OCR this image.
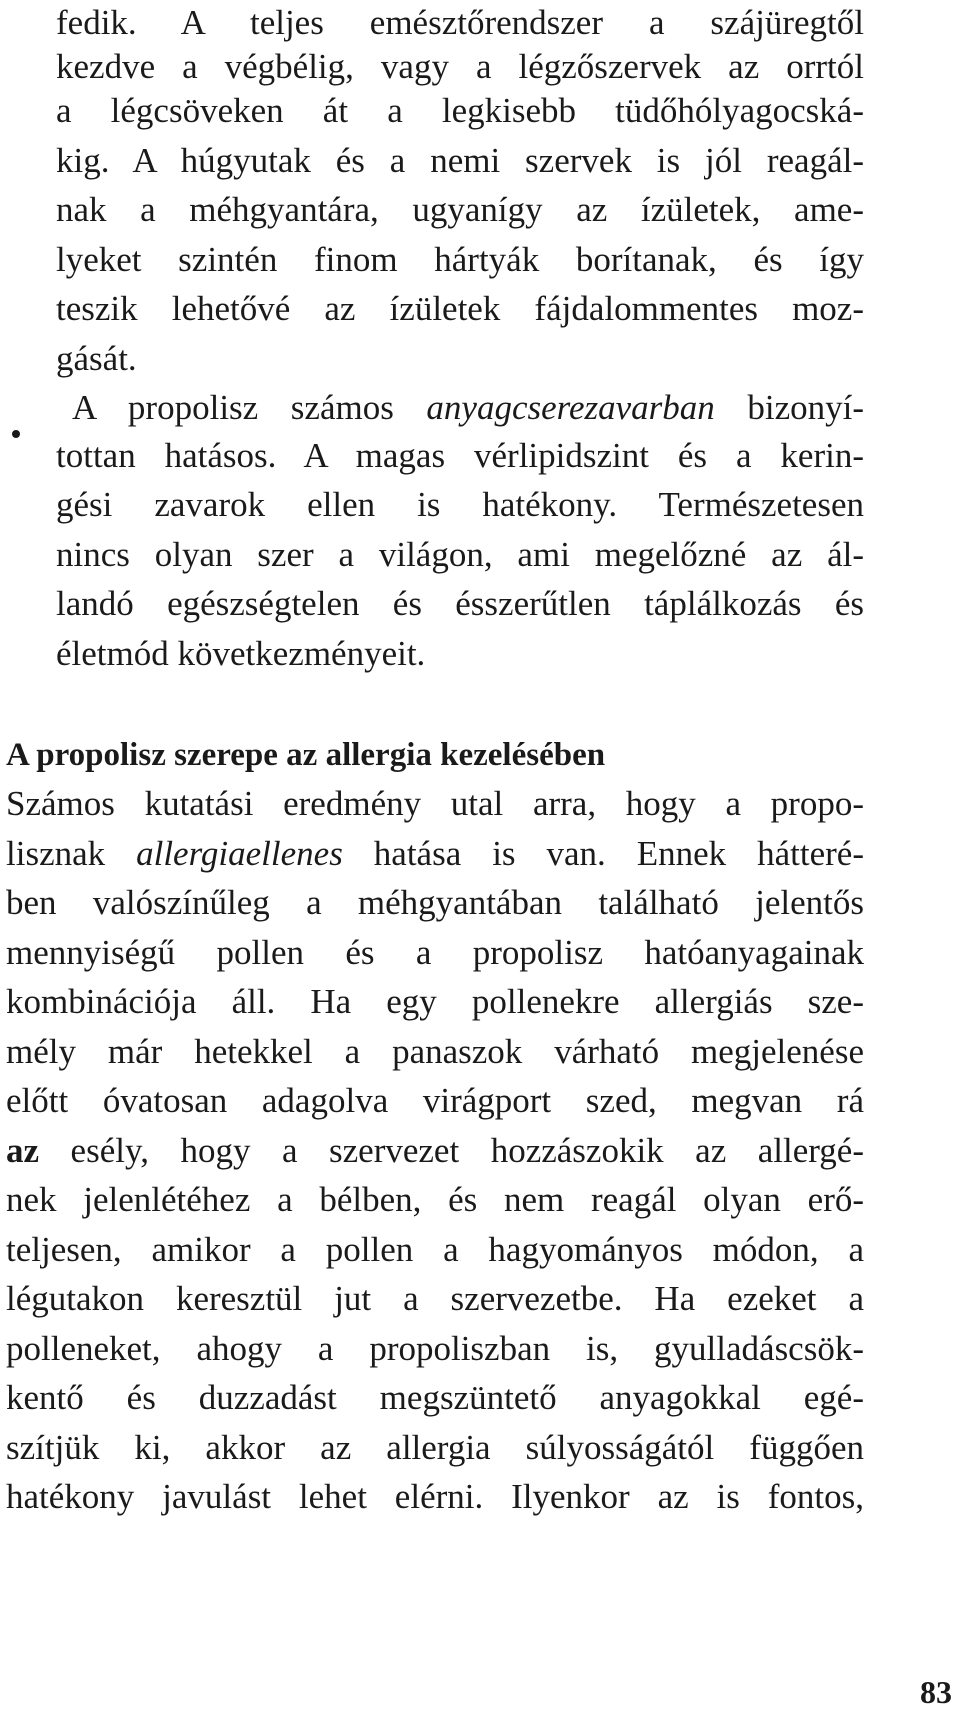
fedik. A teljes emésztőrendszer a szájüregtől
kezdve a végbélig, vagy a légzőszervek az orrtól
a légcsöveken át a legkisebb tüdőhólyagocská-
kig. A húgyutak és a nemi szervek is jól reagál-
nak a méhgyantára, ugyanígy az ízületek, ame-
lyeket szintén finom hártyák borítanak, és így
teszik lehetővé az ízületek fájdalommentes moz-
gását.
A propolisz számos anyagcserezavarban bizonyí-
tottan hatásos. A magas vérlipidszint és a kerin-
gési zavarok ellen is hatékony. Természetesen
nincs olyan szer a világon, ami megelőzné az ál-
landó egészségtelen és ésszerűtlen táplálkozás és
életmód következményeit.
A propolisz szerepe az allergia kezelésében
Számos kutatási eredmény utal arra, hogy a propo-
lisznak allergiaellenes hatása is van. Ennek hátteré-
ben valószínűleg a méhgyantában található jelentős
mennyiségű pollen és a propolisz hatóanyagainak
kombinációja áll. Ha egy pollenekre allergiás sze-
mély már hetekkel a panaszok várható megjelenése
előtt óvatosan adagolva virágport szed, megvan rá
az esély, hogy a szervezet hozzászokik az allergé-
nek jelenlétéhez a bélben, és nem reagál olyan erő-
teljesen, amikor a pollen a hagyományos módon, a
légutakon keresztül jut a szervezetbe. Ha ezeket a
polleneket, ahogy a propoliszban is, gyulladáscsök-
kentő és duzzadást megszüntető anyagokkal egé-
szítjük ki, akkor az allergia súlyosságától függően
hatékony javulást lehet elérni. Ilyenkor az is fontos,
83
